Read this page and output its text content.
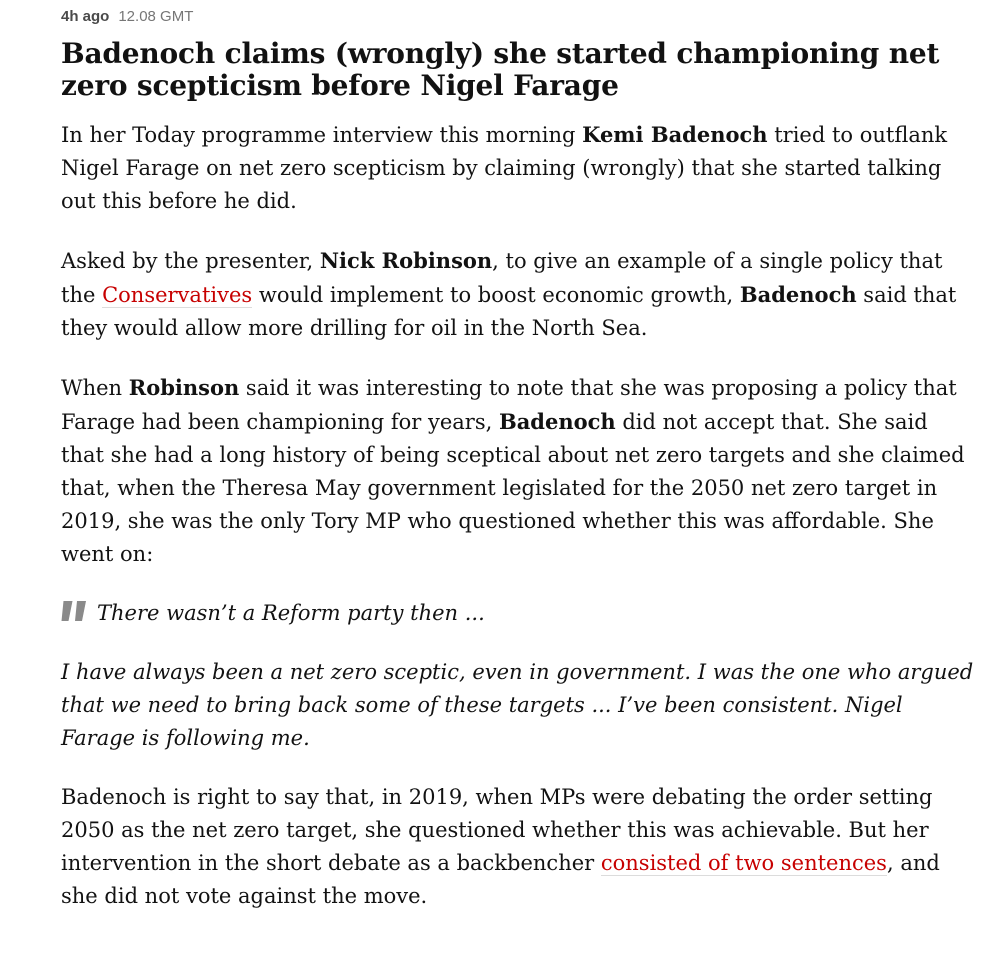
4h ago 12.08 GMT
Badenoch claims (wrongly) she started championing net zero scepticism before Nigel Farage

In her Today programme interview this morning Kemi Badenoch tried to outflank Nigel Farage on net zero scepticism by claiming (wrongly) that she started talking out this before he did.

Asked by the presenter, Nick Robinson, to give an example of a single policy that the Conservatives would implement to boost economic growth, Badenoch said that they would allow more drilling for oil in the North Sea.

When Robinson said it was interesting to note that she was proposing a policy that Farage had been championing for years, Badenoch did not accept that. She said that she had a long history of being sceptical about net zero targets and she claimed that, when the Theresa May government legislated for the 2050 net zero target in 2019, she was the only Tory MP who questioned whether this was affordable. She went on:

There wasn’t a Reform party then ...

I have always been a net zero sceptic, even in government. I was the one who argued that we need to bring back some of these targets ... I’ve been consistent. Nigel Farage is following me.

Badenoch is right to say that, in 2019, when MPs were debating the order setting 2050 as the net zero target, she questioned whether this was achievable. But her intervention in the short debate as a backbencher consisted of two sentences, and she did not vote against the move.
